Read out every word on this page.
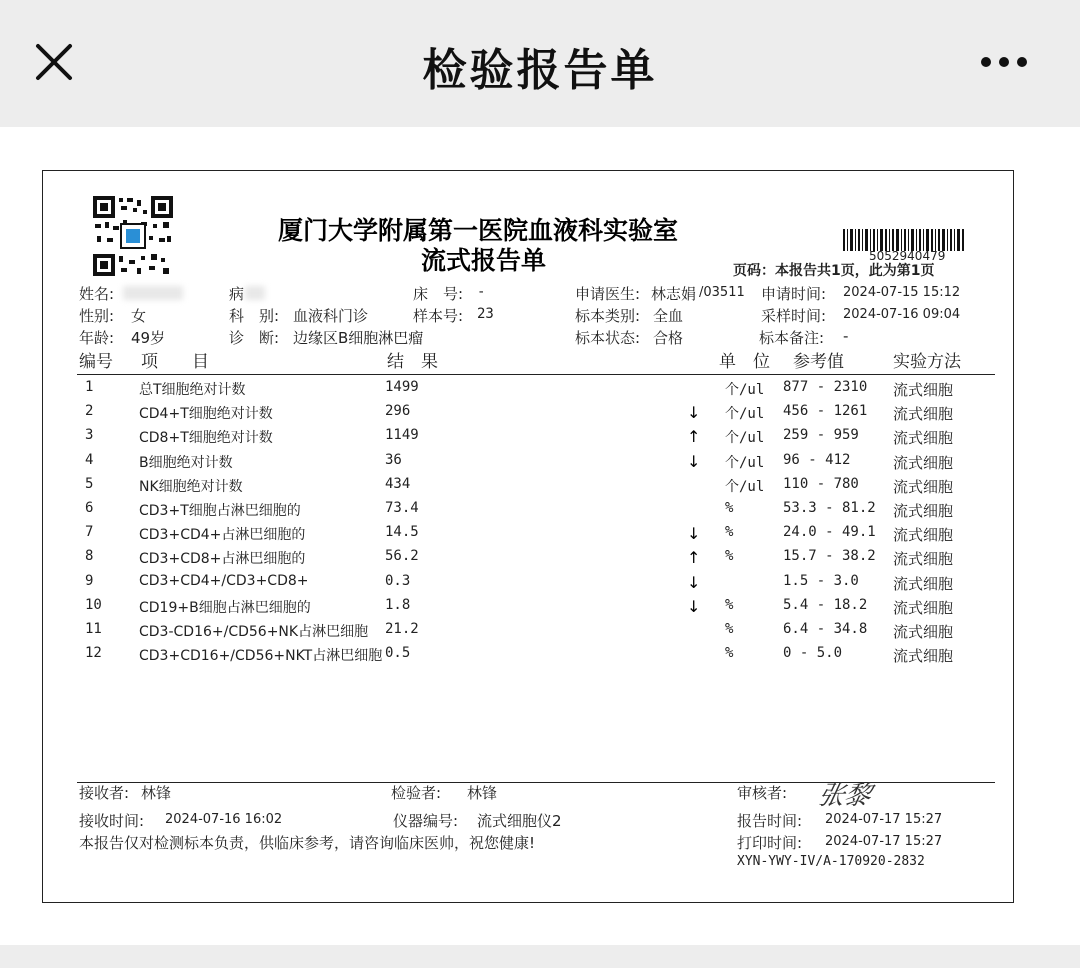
检验报告单
厦门大学附属第一医院血液科实验室
流式报告单	5052940479
页码：本报告共1页，此为第1页
姓名:	病	床　号: -	申请医生: 林志娟 /03511 申请时间: 2024-07-15 15:12
性别: 女	科　别: 血液科门诊	样本号: 23	标本类别: 全血	采样时间: 2024-07-16 09:04
年龄: 49岁	诊　断: 边缘区B细胞淋巴瘤	标本状态: 合格	标本备注: -
编号 项　　目	结　果	单　位 参考值	实验方法
1	总T细胞绝对计数	1499	个/ul 877 - 2310 流式细胞
2	CD4+T细胞绝对计数	296	↓ 个/ul 456 - 1261 流式细胞
3	CD8+T细胞绝对计数	1149	↑ 个/ul 259 - 959 流式细胞
4	B细胞绝对计数	36	↓ 个/ul 96 - 412	流式细胞
5	NK细胞绝对计数	434	个/ul 110 - 780 流式细胞
6	CD3+T细胞占淋巴细胞的	73.4	%	53.3 - 81.2 流式细胞
7	CD3+CD4+占淋巴细胞的	14.5	↓ %	24.0 - 49.1 流式细胞
8	CD3+CD8+占淋巴细胞的	56.2	↑ %	15.7 - 38.2 流式细胞
9	CD3+CD4+/CD3+CD8+	0.3	↓	1.5 - 3.0 流式细胞
10	CD19+B细胞占淋巴细胞的	1.8	↓ %	5.4 - 18.2 流式细胞
11	CD3-CD16+/CD56+NK占淋巴细胞 21.2	%	6.4 - 34.8 流式细胞
12	CD3+CD16+/CD56+NKT占淋巴细胞 0.5	%	0 - 5.0	流式细胞
接收者: 林锋	检验者: 林锋	审核者: 张黎
接收时间: 2024-07-16 16:02	仪器编号: 流式细胞仪2	报告时间: 2024-07-17 15:27
本报告仅对检测标本负责，供临床参考，请咨询临床医帅，祝您健康!	打印时间: 2024-07-17 15:27
XYN-YWY-IV/A-170920-2832
